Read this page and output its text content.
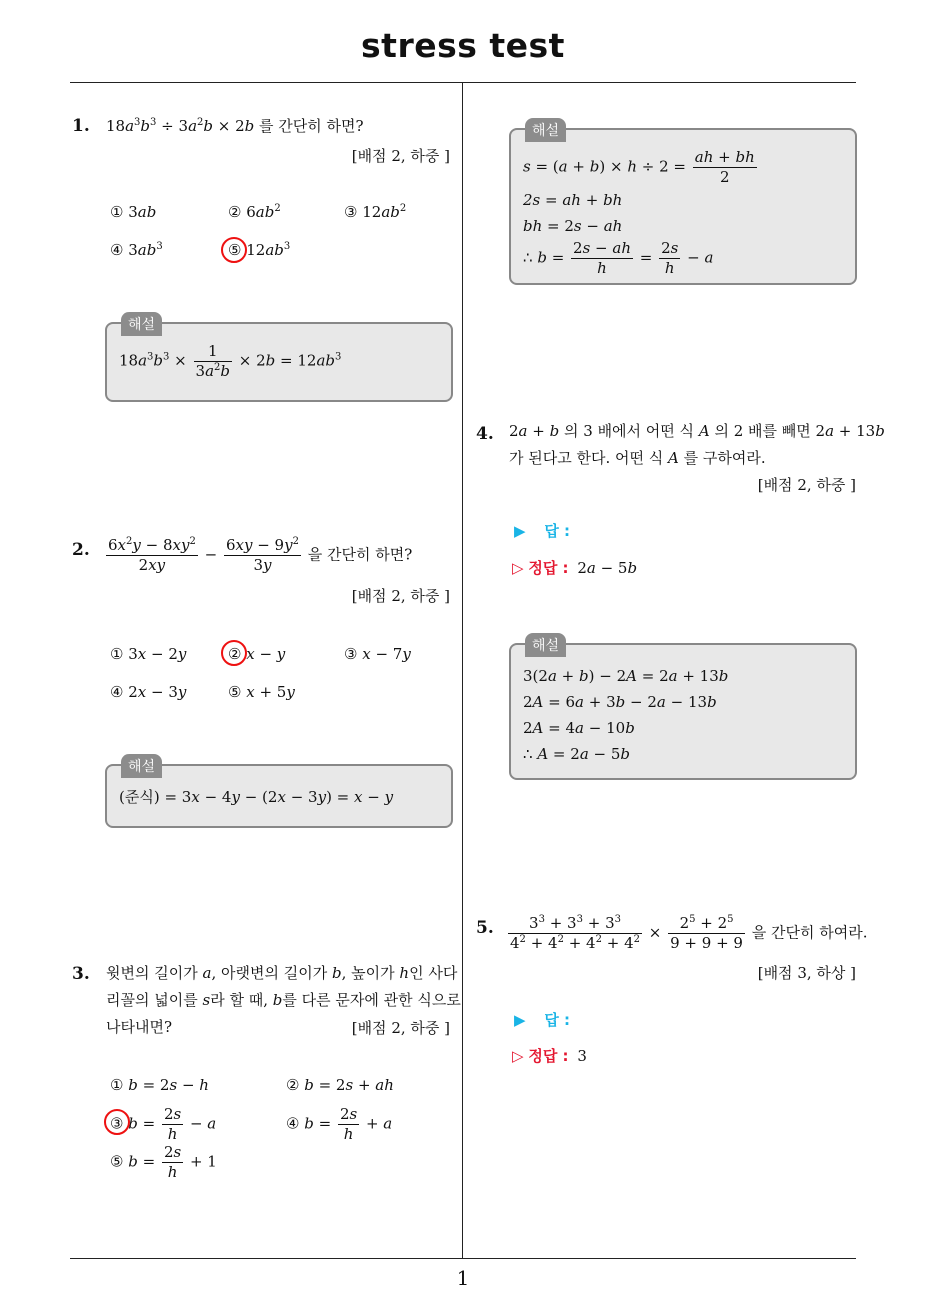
stress test
1
1. $18a^3b^3 \div 3a^2b \times 2b$ 를 간단히 하면?
[배점 2, 하중 ]
① 3ab	② $6ab^2$	③ $12ab^2$
④ $3ab^3$	⑤ $12ab^3$
해설
$18a^3b^3 \times \frac{1}{3a^2b} \times 2b = 12ab^3$
2. $\frac{6x^2y - 8xy^2}{2xy} - \frac{6xy - 9y^2}{3y}$ 을 간단히 하면?
[배점 2, 하중 ]
① 3x − 2y	② x − y	③ x − 7y
④ 2x − 3y	⑤ x + 5y
해설
(준식) = 3x − 4y − (2x − 3y) = x − y
3. 윗변의 길이가 a, 아랫변의 길이가 b, 높이가 h인 사다
리꼴의 넓이를 s라 할 때, b를 다른 문자에 관한 식으로
나타내면?	[배점 2, 하중 ]
① b = 2s − h	② b = 2s + ah
③ $b = \frac{2s}{h} - a$	④ $b = \frac{2s}{h} + a$
⑤ $b = \frac{2s}{h} + 1$
해설
$s = (a + b) \times h \div 2 = \frac{ah + bh}{2}$
2s = ah + bh
bh = 2s − ah
∴ $b = \frac{2s - ah}{h} = \frac{2s}{h} - a$
4. 2a + b 의 3 배에서 어떤 식 A 의 2 배를 빼면 2a + 13b
가 된다고 한다. 어떤 식 A 를 구하여라.
[배점 2, 하중 ]
▶ 답 :
▷ 정답 : 2a − 5b
해설
3(2a + b) − 2A = 2a + 13b
2A = 6a + 3b − 2a − 13b
2A = 4a − 10b
∴ A = 2a − 5b
5. $\frac{3^3 + 3^3 + 3^3}{4^2 + 4^2 + 4^2 + 4^2} \times \frac{2^5 + 2^5}{9 + 9 + 9}$ 을 간단히 하여라.
[배점 3, 하상 ]
▶ 답 :
▷ 정답 : 3
